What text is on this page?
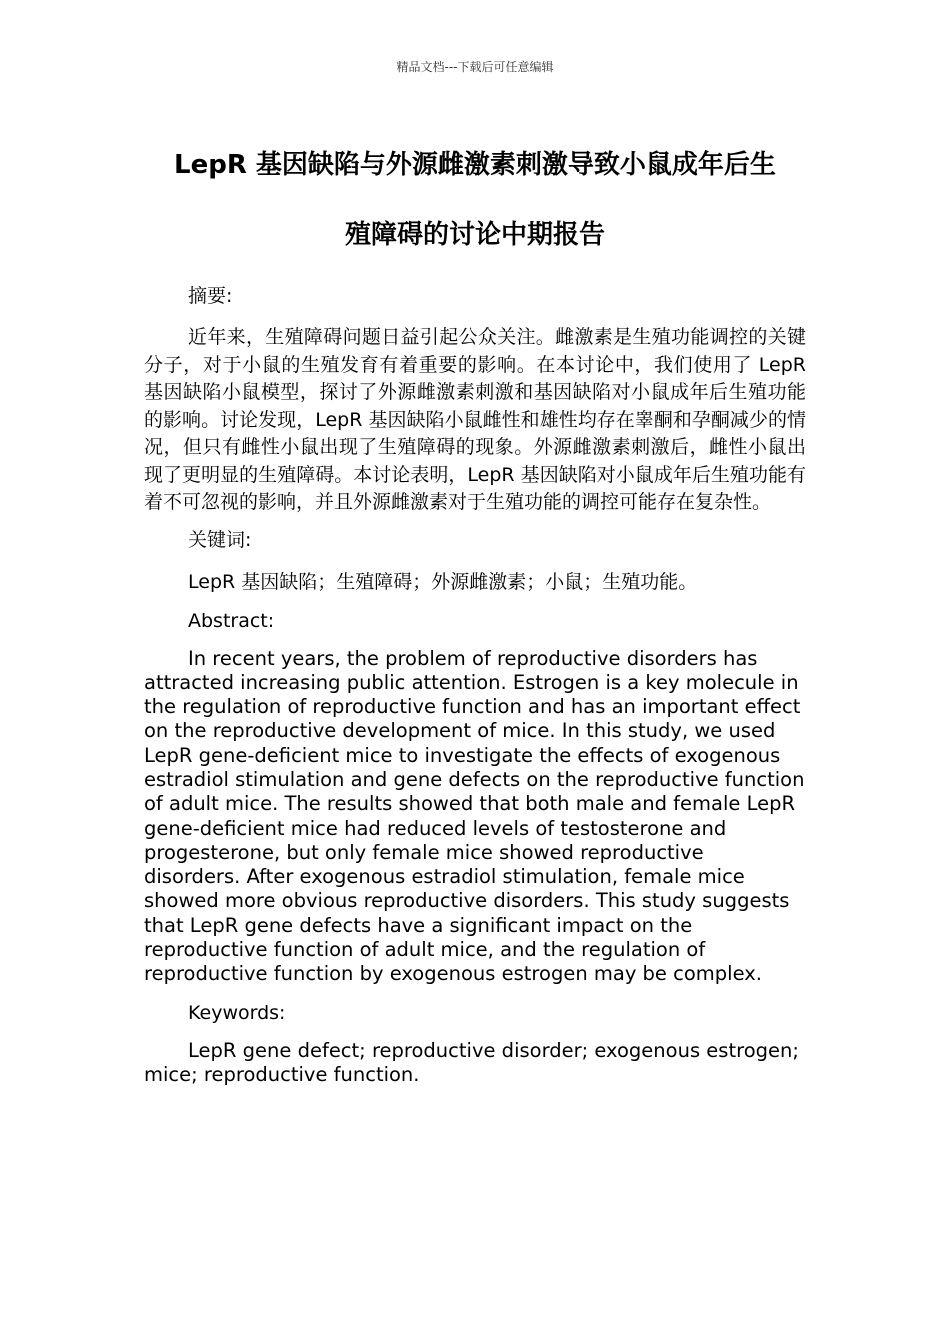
精品文档---下载后可任意编辑
LepR 基因缺陷与外源雌激素刺激导致小鼠成年后生
殖障碍的讨论中期报告

摘要:

近年来，生殖障碍问题日益引起公众关注。雌激素是生殖功能调控的关键分子，对于小鼠的生殖发育有着重要的影响。在本讨论中，我们使用了 LepR 基因缺陷小鼠模型，探讨了外源雌激素刺激和基因缺陷对小鼠成年后生殖功能的影响。讨论发现，LepR 基因缺陷小鼠雌性和雄性均存在睾酮和孕酮减少的情况，但只有雌性小鼠出现了生殖障碍的现象。外源雌激素刺激后，雌性小鼠出现了更明显的生殖障碍。本讨论表明，LepR 基因缺陷对小鼠成年后生殖功能有着不可忽视的影响，并且外源雌激素对于生殖功能的调控可能存在复杂性。

关键词:

LepR 基因缺陷；生殖障碍；外源雌激素；小鼠；生殖功能。

Abstract:

In recent years, the problem of reproductive disorders has attracted increasing public attention. Estrogen is a key molecule in the regulation of reproductive function and has an important effect on the reproductive development of mice. In this study, we used LepR gene-deficient mice to investigate the effects of exogenous estradiol stimulation and gene defects on the reproductive function of adult mice. The results showed that both male and female LepR gene-deficient mice had reduced levels of testosterone and progesterone, but only female mice showed reproductive disorders. After exogenous estradiol stimulation, female mice showed more obvious reproductive disorders. This study suggests that LepR gene defects have a significant impact on the reproductive function of adult mice, and the regulation of reproductive function by exogenous estrogen may be complex.

Keywords:

LepR gene defect; reproductive disorder; exogenous estrogen; mice; reproductive function.
